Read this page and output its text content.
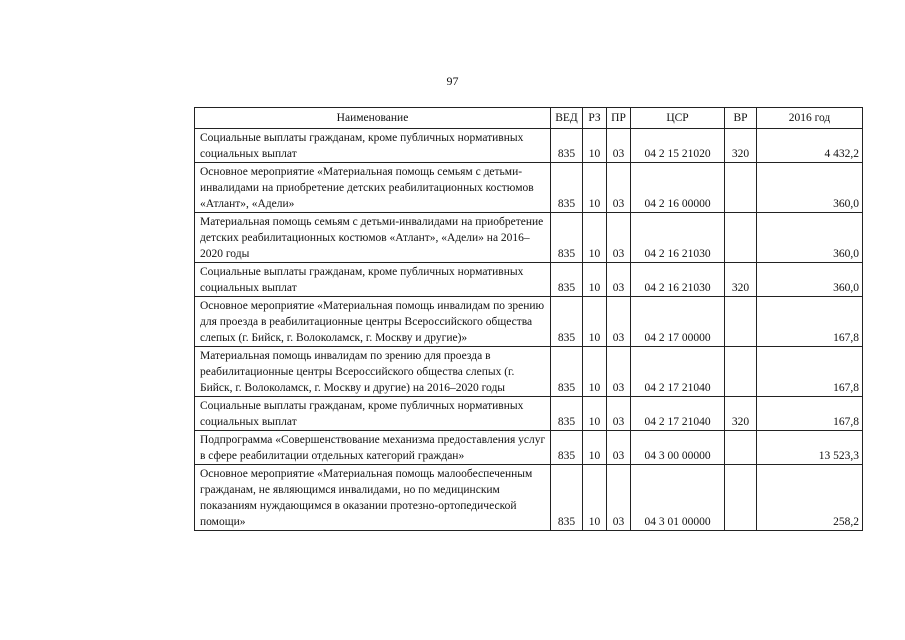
97
Наименование	ВЕД	РЗ	ПР	ЦСР	ВР	2016 год
Социальные выплаты гражданам, кроме публичных нормативных социальных выплат	835	10	03	04 2 15 21020	320	4 432,2
Основное мероприятие «Материальная помощь семьям с детьми-инвалидами на приобретение детских реабилитационных костюмов «Атлант», «Адели»	835	10	03	04 2 16 00000		360,0
Материальная помощь семьям с детьми-инвалидами на приобретение детских реабилитационных костюмов «Атлант», «Адели» на 2016–2020 годы	835	10	03	04 2 16 21030		360,0
Социальные выплаты гражданам, кроме публичных нормативных социальных выплат	835	10	03	04 2 16 21030	320	360,0
Основное мероприятие «Материальная помощь инвалидам по зрению для проезда в реабилитационные центры Всероссийского общества слепых (г. Бийск, г. Волоколамск, г. Москву и другие)»	835	10	03	04 2 17 00000		167,8
Материальная помощь инвалидам по зрению для проезда в реабилитационные центры Всероссийского общества слепых (г. Бийск, г. Волоколамск, г. Москву и другие) на 2016–2020 годы	835	10	03	04 2 17 21040		167,8
Социальные выплаты гражданам, кроме публичных нормативных социальных выплат	835	10	03	04 2 17 21040	320	167,8
Подпрограмма «Совершенствование механизма предоставления услуг в сфере реабилитации отдельных категорий граждан»	835	10	03	04 3 00 00000		13 523,3
Основное мероприятие «Материальная помощь малообеспеченным гражданам, не являющимся инвалидами, но по медицинским показаниям нуждающимся в оказании протезно-ортопедической помощи»	835	10	03	04 3 01 00000		258,2
